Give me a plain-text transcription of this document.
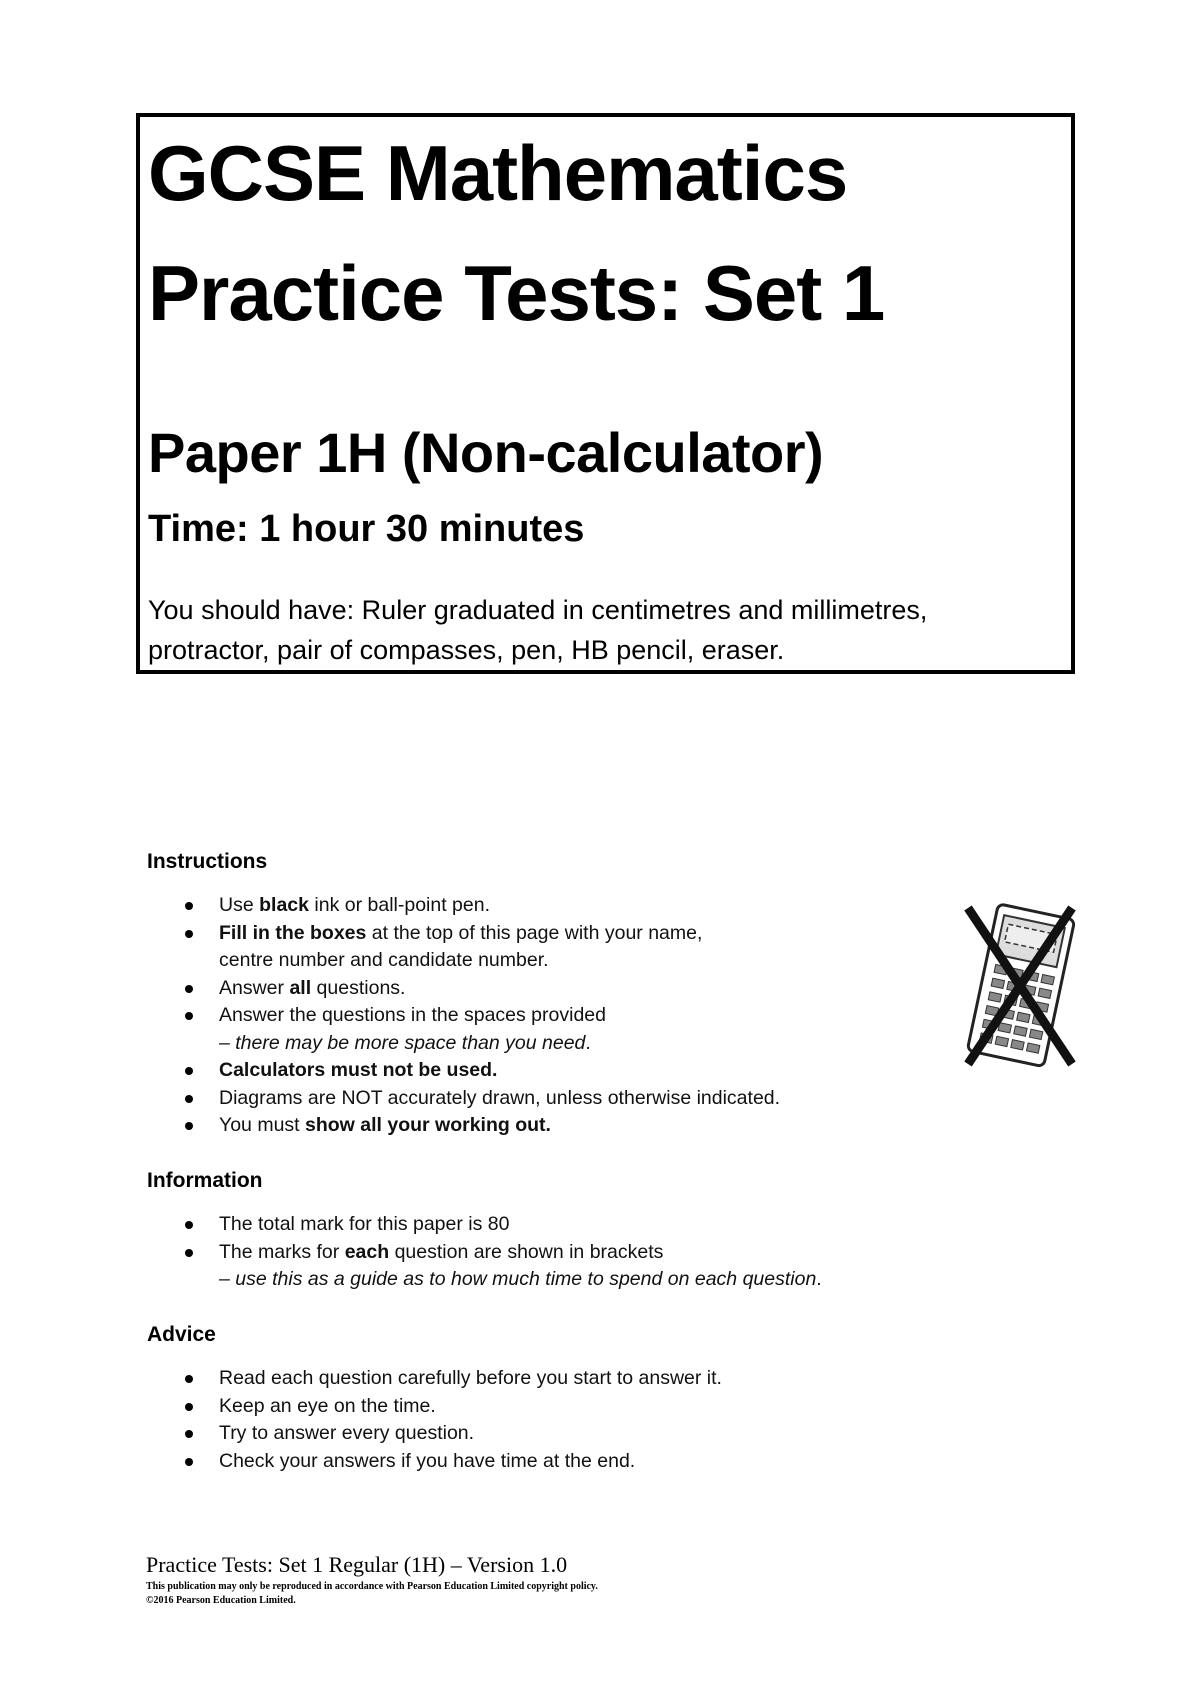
GCSE Mathematics
Practice Tests: Set 1
Paper 1H (Non-calculator)
Time: 1 hour 30 minutes
You should have: Ruler graduated in centimetres and millimetres,
protractor, pair of compasses, pen, HB pencil, eraser.
Instructions
Use black ink or ball-point pen.
Fill in the boxes at the top of this page with your name,
centre number and candidate number.
Answer all questions.
Answer the questions in the spaces provided
– there may be more space than you need.
Calculators must not be used.
Diagrams are NOT accurately drawn, unless otherwise indicated.
You must show all your working out.
Information
The total mark for this paper is 80
The marks for each question are shown in brackets
– use this as a guide as to how much time to spend on each question.
Advice
Read each question carefully before you start to answer it.
Keep an eye on the time.
Try to answer every question.
Check your answers if you have time at the end.
Practice Tests: Set 1 Regular (1H) – Version 1.0
This publication may only be reproduced in accordance with Pearson Education Limited copyright policy.
©2016 Pearson Education Limited.
